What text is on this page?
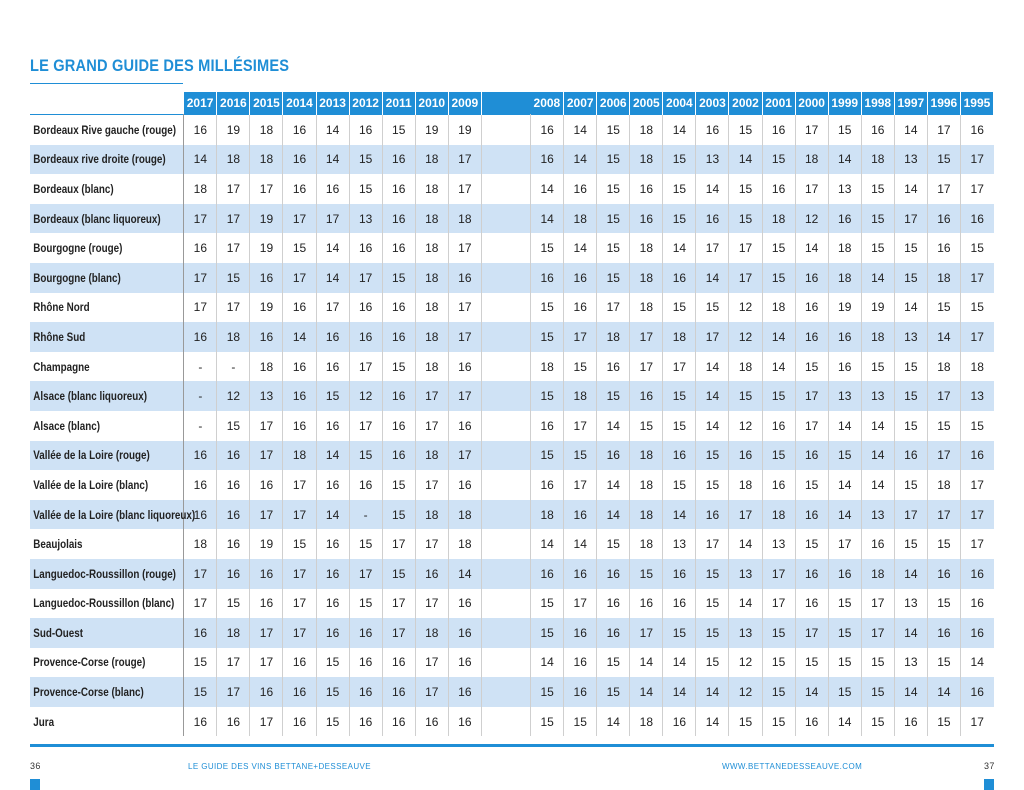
LE GRAND GUIDE DES MILLÉSIMES
	2017	2016	2015	2014	2013	2012	2011	2010	2009		2008	2007	2006	2005	2004	2003	2002	2001	2000	1999	1998	1997	1996	1995
Bordeaux Rive gauche (rouge)	16	19	18	16	14	16	15	19	19		16	14	15	18	14	16	15	16	17	15	16	14	17	16
Bordeaux rive droite (rouge)	14	18	18	16	14	15	16	18	17		16	14	15	18	15	13	14	15	18	14	18	13	15	17
Bordeaux (blanc)	18	17	17	16	16	15	16	18	17		14	16	15	16	15	14	15	16	17	13	15	14	17	17
Bordeaux (blanc liquoreux)	17	17	19	17	17	13	16	18	18		14	18	15	16	15	16	15	18	12	16	15	17	16	16
Bourgogne (rouge)	16	17	19	15	14	16	16	18	17		15	14	15	18	14	17	17	15	14	18	15	15	16	15
Bourgogne (blanc)	17	15	16	17	14	17	15	18	16		16	16	15	18	16	14	17	15	16	18	14	15	18	17
Rhône Nord	17	17	19	16	17	16	16	18	17		15	16	17	18	15	15	12	18	16	19	19	14	15	15
Rhône Sud	16	18	16	14	16	16	16	18	17		15	17	18	17	18	17	12	14	16	16	18	13	14	17
Champagne	-	-	18	16	16	17	15	18	16		18	15	16	17	17	14	18	14	15	16	15	15	18	18
Alsace (blanc liquoreux)	-	12	13	16	15	12	16	17	17		15	18	15	16	15	14	15	15	17	13	13	15	17	13
Alsace (blanc)	-	15	17	16	16	17	16	17	16		16	17	14	15	15	14	12	16	17	14	14	15	15	15
Vallée de la Loire (rouge)	16	16	17	18	14	15	16	18	17		15	15	16	18	16	15	16	15	16	15	14	16	17	16
Vallée de la Loire (blanc)	16	16	16	17	16	16	15	17	16		16	17	14	18	15	15	18	16	15	14	14	15	18	17
Vallée de la Loire (blanc liquoreux)	16	16	17	17	14	-	15	18	18		18	16	14	18	14	16	17	18	16	14	13	17	17	17
Beaujolais	18	16	19	15	16	15	17	17	18		14	14	15	18	13	17	14	13	15	17	16	15	15	17
Languedoc-Roussillon (rouge)	17	16	16	17	16	17	15	16	14		16	16	16	15	16	15	13	17	16	16	18	14	16	16
Languedoc-Roussillon (blanc)	17	15	16	17	16	15	17	17	16		15	17	16	16	16	15	14	17	16	15	17	13	15	16
Sud-Ouest	16	18	17	17	16	16	17	18	16		15	16	16	17	15	15	13	15	17	15	17	14	16	16
Provence-Corse (rouge)	15	17	17	16	15	16	16	17	16		14	16	15	14	14	15	12	15	15	15	15	13	15	14
Provence-Corse (blanc)	15	17	16	16	15	16	16	17	16		15	16	15	14	14	14	12	15	14	15	15	14	14	16
Jura	16	16	17	16	15	16	16	16	16		15	15	14	18	16	14	15	15	16	14	15	16	15	17
36	LE GUIDE DES VINS BETTANE+DESSEAUVE	WWW.BETTANEDESSEAUVE.COM	37
